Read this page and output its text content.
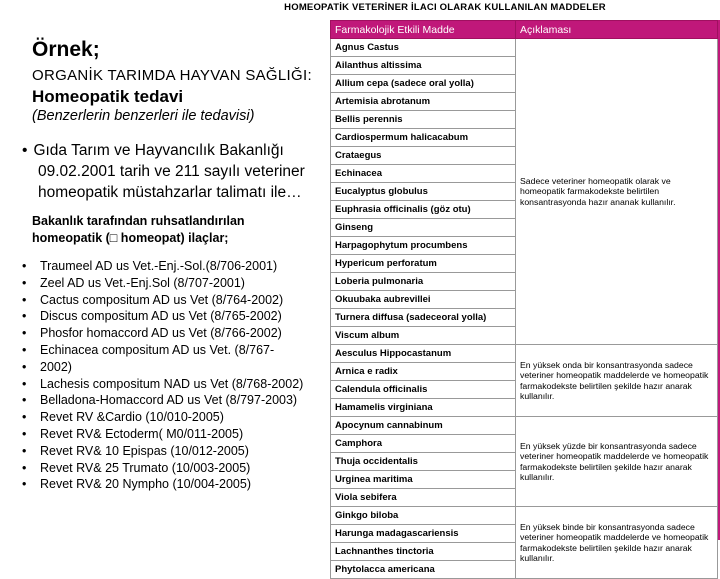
HOMEOPATİK VETERİNER İLACI OLARAK KULLANILAN MADDELER
Örnek;
ORGANİK TARIMDA HAYVAN SAĞLIĞI:
Homeopatik tedavi
(Benzerlerin benzerleri ile tedavisi)
• Gıda Tarım ve Hayvancılık Bakanlığı
09.02.2001 tarih ve 211 sayılı veteriner
homeopatik müstahzarlar talimatı ile…
Bakanlık tarafından ruhsatlandırılan
homeopatik (□ homeopat) ilaçlar;
• Traumeel AD us Vet.-Enj.-Sol.(8/706-2001)
• Zeel AD us Vet.-Enj.Sol (8/707-2001)
• Cactus compositum AD us Vet (8/764-2002)
• Discus compositum AD us Vet (8/765-2002)
• Phosfor homaccord AD us Vet (8/766-2002)
• Echinacea compositum AD us Vet. (8/767-
• 2002)
• Lachesis compositum NAD us Vet (8/768-2002)
• Belladona-Homaccord AD us Vet (8/797-2003)
• Revet RV &Cardio (10/010-2005)
• Revet RV& Ectoderm( M0/011-2005)
• Revet RV& 10 Epispas (10/012-2005)
• Revet RV& 25 Trumato (10/003-2005)
• Revet RV& 20 Nympho (10/004-2005)
Farmakolojik Etkili Madde	Açıklaması
Agnus Castus	Sadece veteriner homeopatik olarak ve homeopatik farmakodekste belirtilen konsantrasyonda hazır ananak kullanılır.
Ailanthus altissima	
Allium cepa (sadece oral yolla)	
Artemisia abrotanum	
Bellis perennis	
Cardiospermum halicacabum	
Crataegus	
Echinacea	
Eucalyptus globulus	
Euphrasia officinalis (göz otu)	
Ginseng	
Harpagophytum procumbens	
Hypericum perforatum	
Loberia pulmonaria	
Okuubaka aubrevillei	
Turnera diffusa (sadeceoral yolla)	
Viscum album	
Aesculus Hippocastanum	En yüksek onda bir konsantrasyonda sadece veteriner homeopatik maddelerde ve homeopatik farmakodekste belirtilen şekilde hazır anarak kullanılır.
Arnica e radix	
Calendula officinalis	
Hamamelis virginiana	
Apocynum cannabinum	En yüksek yüzde bir konsantrasyonda sadece veteriner homeopatik maddelerde ve homeopatik farmakodekste belirtilen şekilde hazır anarak kullanılır.
Camphora	
Thuja occidentalis	
Urginea maritima	
Viola sebifera	
Ginkgo biloba	En yüksek binde bir konsantrasyonda sadece veteriner homeopatik maddelerde ve homeopatik farmakodekste belirtilen şekilde hazır anarak kullanılır.
Harunga madagascariensis	
Lachnanthes tinctoria	
Phytolacca americana	
